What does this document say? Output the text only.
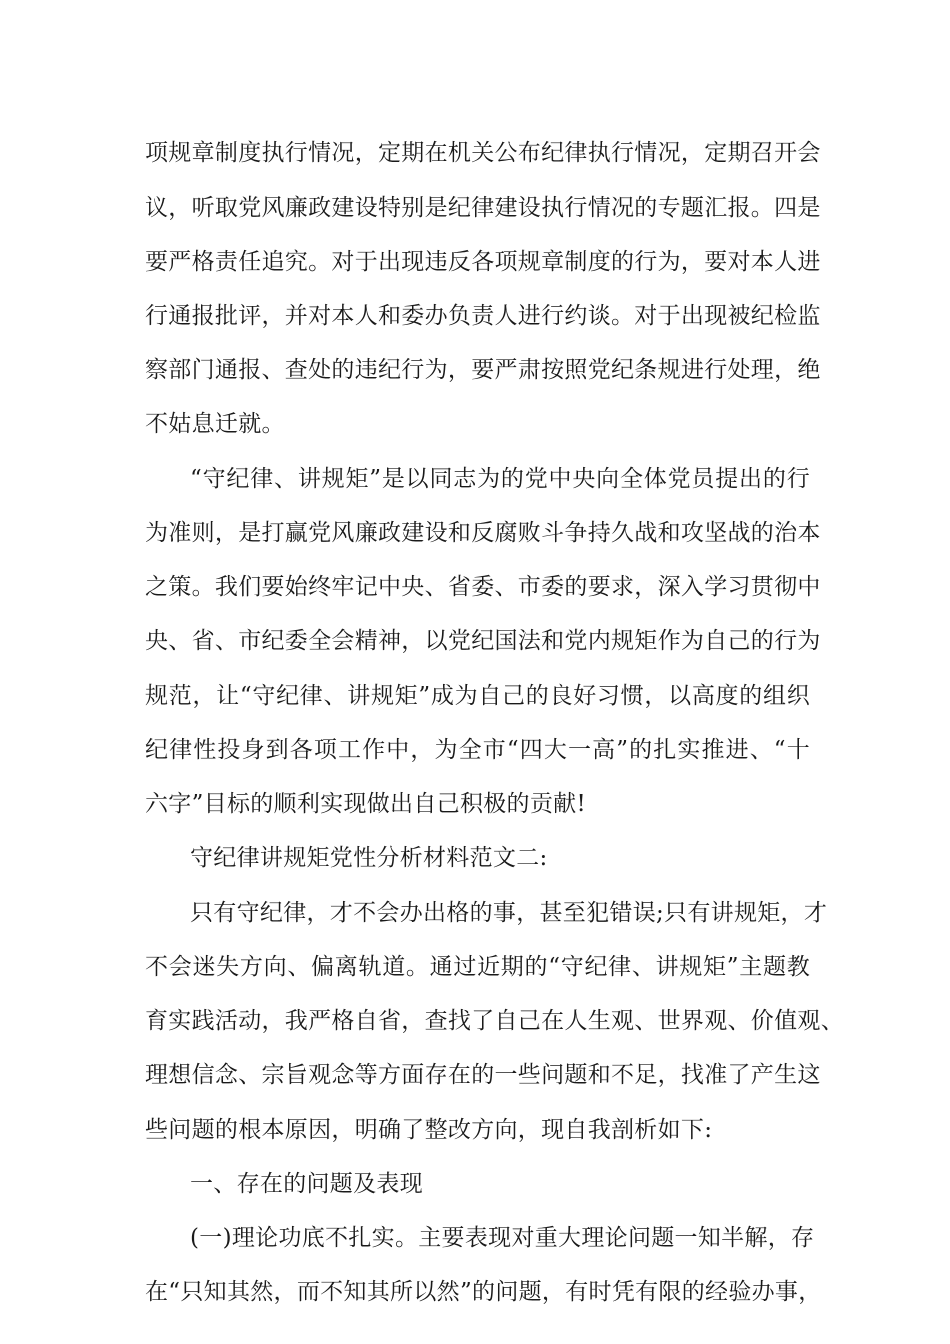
项规章制度执行情况，定期在机关公布纪律执行情况，定期召开会
议，听取党风廉政建设特别是纪律建设执行情况的专题汇报。四是
要严格责任追究。对于出现违反各项规章制度的行为，要对本人进
行通报批评，并对本人和委办负责人进行约谈。对于出现被纪检监
察部门通报、查处的违纪行为，要严肃按照党纪条规进行处理，绝
不姑息迁就。
“守纪律、讲规矩”是以同志为的党中央向全体党员提出的行
为准则，是打赢党风廉政建设和反腐败斗争持久战和攻坚战的治本
之策。我们要始终牢记中央、省委、市委的要求，深入学习贯彻中
央、省、市纪委全会精神，以党纪国法和党内规矩作为自己的行为
规范，让“守纪律、讲规矩”成为自己的良好习惯，以高度的组织
纪律性投身到各项工作中，为全市“四大一高”的扎实推进、“十
六字”目标的顺利实现做出自己积极的贡献!
守纪律讲规矩党性分析材料范文二:
只有守纪律，才不会办出格的事，甚至犯错误;只有讲规矩，才
不会迷失方向、偏离轨道。通过近期的“守纪律、讲规矩”主题教
育实践活动，我严格自省，查找了自己在人生观、世界观、价值观、
理想信念、宗旨观念等方面存在的一些问题和不足，找准了产生这
些问题的根本原因，明确了整改方向，现自我剖析如下:
一、存在的问题及表现
(一)理论功底不扎实。主要表现对重大理论问题一知半解，存
在“只知其然，而不知其所以然”的问题，有时凭有限的经验办事，
